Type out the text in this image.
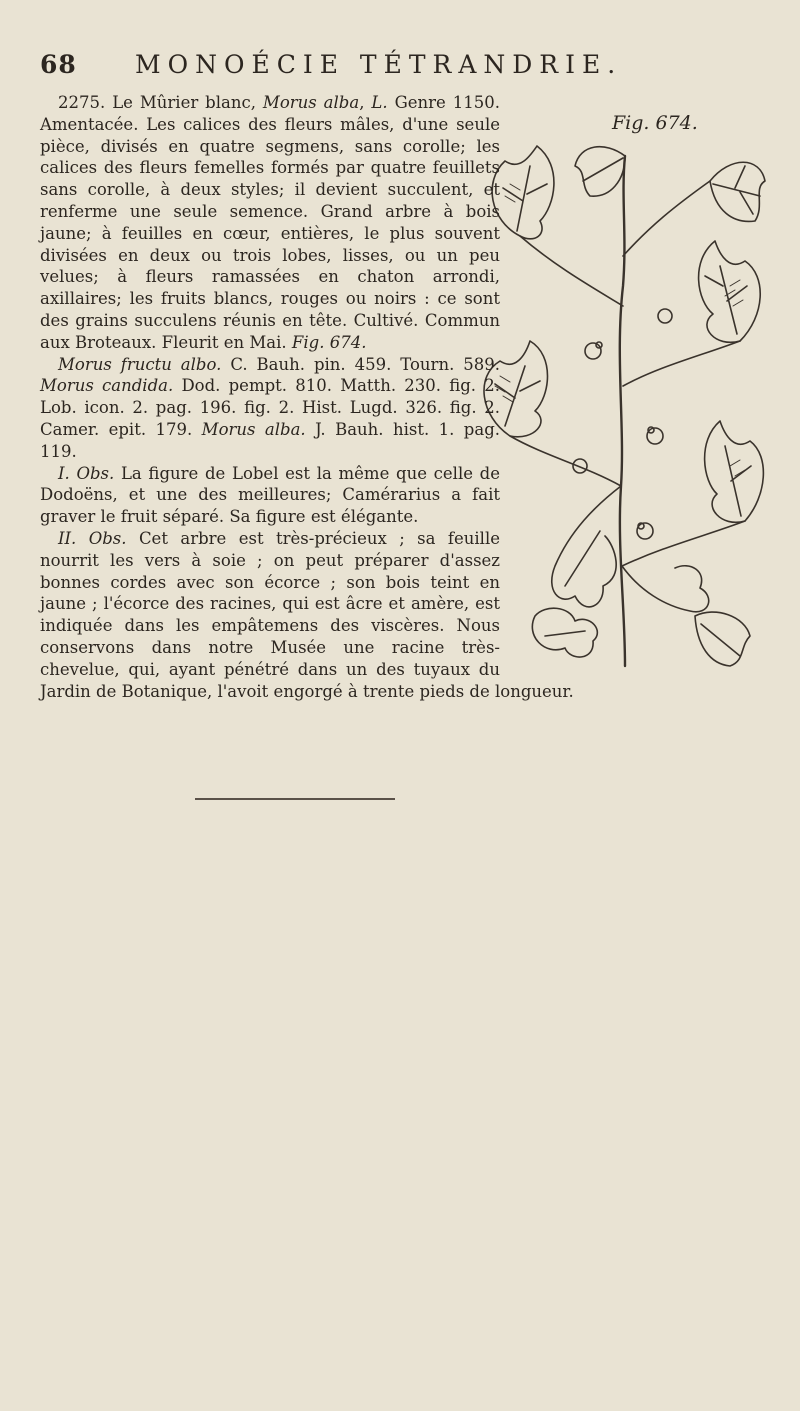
68 MONOÉCIE TÉTRANDRIE.
Fig. 674.

2275. Le Mûrier blanc, Morus alba, L. Genre 1150. Amentacée. Les calices des fleurs mâles, d'une seule pièce, divisés en quatre segmens, sans corolle; les calices des fleurs femelles formés par quatre feuillets sans corolle, à deux styles; il devient succulent, et renferme une seule semence. Grand arbre à bois jaune; à feuilles en cœur, entières, le plus souvent divisées en deux ou trois lobes, lisses, ou un peu velues; à fleurs ramassées en chaton arrondi, axillaires; les fruits blancs, rouges ou noirs : ce sont des grains succulens réunis en tête. Cultivé. Commun aux Broteaux. Fleurit en Mai. Fig. 674.

Morus fructu albo. C. Bauh. pin. 459. Tourn. 589. Morus candida. Dod. pempt. 810. Matth. 230. fig. 2. Lob. icon. 2. pag. 196. fig. 2. Hist. Lugd. 326. fig. 2. Camer. epit. 179. Morus alba. J. Bauh. hist. 1. pag. 119.

I. Obs. La figure de Lobel est la même que celle de Dodoëns, et une des meilleures; Camérarius a fait graver le fruit séparé. Sa figure est élégante.

II. Obs. Cet arbre est très-précieux ; sa feuille nourrit les vers à soie ; on peut préparer d'assez bonnes cordes avec son écorce ; son bois teint en jaune ; l'écorce des racines, qui est âcre et amère, est indiquée dans les empâtemens des viscères. Nous conservons dans notre Musée une racine très-chevelue, qui, ayant pénétré dans un des tuyaux du Jardin de Botanique, l'avoit engorgé à trente pieds de longueur.
